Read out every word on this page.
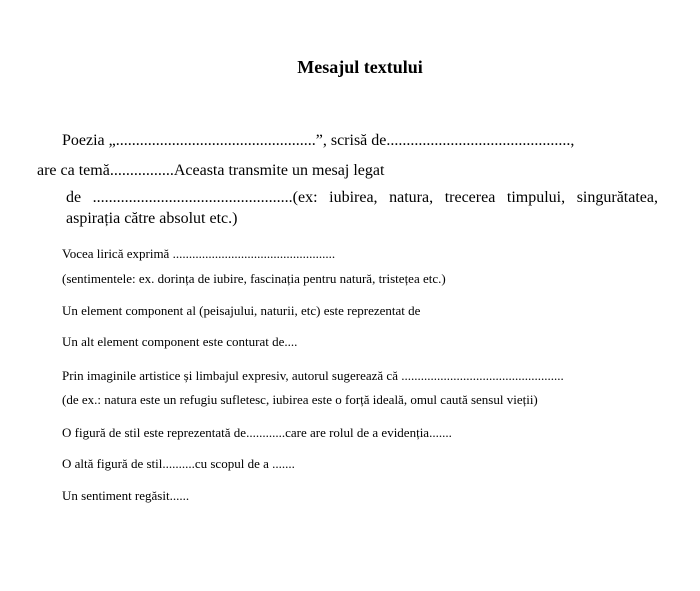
Mesajul textului
Poezia „..................................................”, scrisă de..............................................,
are ca temă................Aceasta transmite un mesaj legat
de ..................................................(ex: iubirea, natura, trecerea timpului, singurătatea, aspirația către absolut etc.)
Vocea lirică exprimă ..................................................
(sentimentele: ex. dorința de iubire, fascinația pentru natură, tristețea etc.)
Un element component al (peisajului, naturii, etc) este reprezentat de
Un alt element component este conturat de....
Prin imaginile artistice și limbajul expresiv, autorul sugerează că ..................................................
(de ex.: natura este un refugiu sufletesc, iubirea este o forță ideală, omul caută sensul vieții)
O figură de stil este reprezentată de............care are rolul de a evidenția.......
O altă figură de stil..........cu scopul de a .......
Un sentiment regăsit......
